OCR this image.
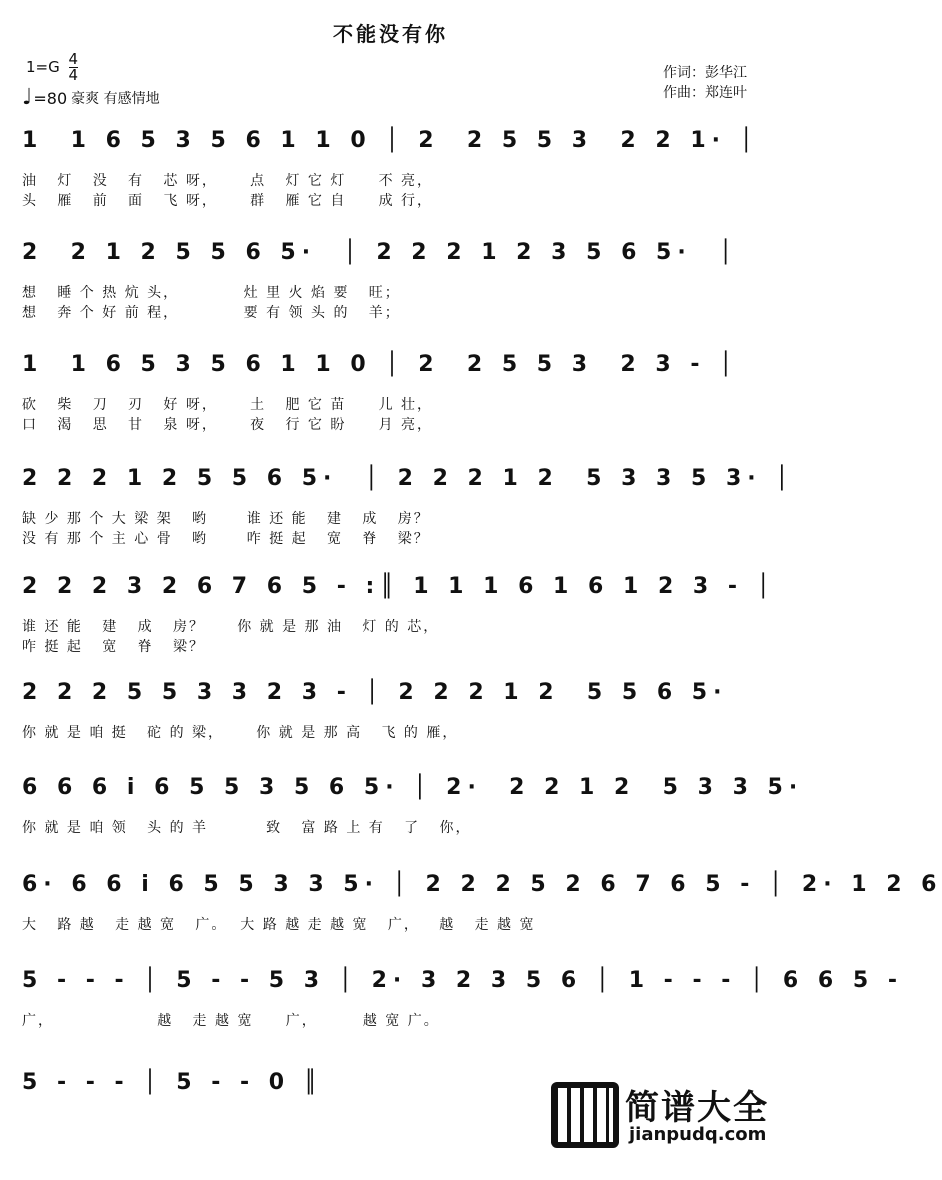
不能没有你
$1=G \frac{4}{4}$
♩ =80 豪爽 有感情地
作词：彭华江
作曲：郑连叶
1  1 6 5 3 5 6 1 1 0 │ 2  2 5 5 3  2 2 1· │
油   灯   没   有   芯 呀，     点   灯 它 灯     不 亮，
头   雁   前   面   飞 呀，     群   雁 它 自     成 行，
2  2 1 2 5 5 6 5·  │ 2 2 2 1 2 3 5 6 5·  │
想   睡 个 热 炕 头，          灶 里 火 焰 要   旺；
想   奔 个 好 前 程，          要 有 领 头 的   羊；
1  1 6 5 3 5 6 1 1 0 │ 2  2 5 5 3  2 3 - │
砍   柴   刀   刃   好 呀，     土   肥 它 苗     儿 壮，
口   渴   思   甘   泉 呀，     夜   行 它 盼     月 亮，
2 2 2 1 2 5 5 6 5·  │ 2 2 2 1 2  5 3 3 5 3· │
缺 少 那 个 大 梁 架   哟      谁 还 能   建   成   房？
没 有 那 个 主 心 骨   哟      咋 挺 起   宽   脊   梁？
2 2 2 3 2 6 7 6 5 - :║ 1 1 1 6 1 6 1 2 3 - │
谁 还 能   建   成   房？     你 就 是 那 油   灯 的 芯，
咋 挺 起   宽   脊   梁？
2 2 2 5 5 3 3 2 3 - │ 2 2 2 1 2  5 5 6 5·
你 就 是 咱 挺   砣 的 梁，     你 就 是 那 高   飞 的 雁，
6 6 6 i 6 5 5 3 5 6 5· │ 2·  2 2 1 2  5 3 3 5·
你 就 是 咱 领   头 的 羊         致   富 路 上 有   了   你，
6· 6 6 i 6 5 5 3 3 5· │ 2 2 2 5 2 6 7 6 5 - │ 2· 1 2 6
大   路 越   走 越 宽   广。  大 路 越 走 越 宽   广，   越   走 越 宽
5 - - - │ 5 - - 5 3 │ 2· 3 2 3 5 6 │ 1 - - - │ 6 6 5 -
广，                越   走 越 宽     广，       越 宽 广。
5 - - - │ 5 - - 0 ║
简谱大全
jianpudq.com
